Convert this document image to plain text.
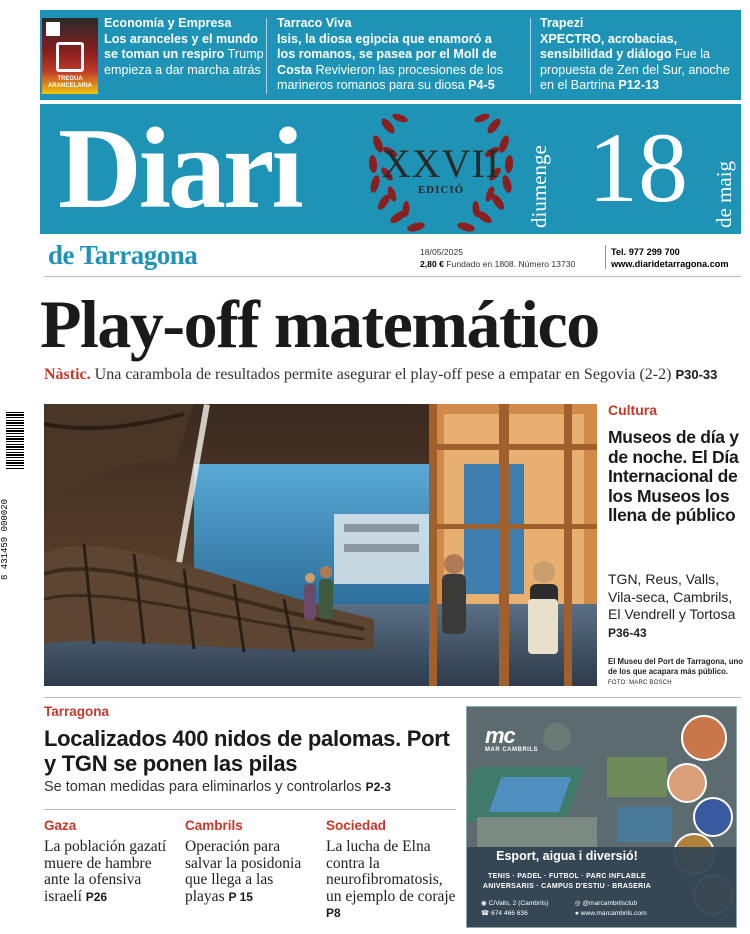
TREGUA ARANCELARIA
Economía y Empresa
Los aranceles y el mundo se toman un respiro Trump empieza a dar marcha atrás
Tarraco Viva
Isis, la diosa egipcia que enamoró a los romanos, se pasea por el Moll de Costa Revivieron las procesiones de los marineros romanos para su diosa P4-5
Trapezi
XPECTRO, acrobacias, sensibilidad y diálogo Fue la propuesta de Zen del Sur, anoche en el Bartrina P12-13
Diari XXVII
EDICIÓ	diumenge 18 de maig
de Tarragona	18/05/2025
2,80 € Fundado en 1808. Número 13730
Tel. 977 299 700
www.diaridetarragona.com
Play-off matemático
Nàstic. Una carambola de resultados permite asegurar el play-off pese a empatar en Segovia (2-2) P30-33
8 431459 000020
Cultura
Museos de día y de noche. El Día Internacional de los Museos los llena de público
TGN, Reus, Valls, Vila-seca, Cambrils, El Vendrell y Tortosa P36-43
El Museu del Port de Tarragona, uno de los que acapara más público. FOTO: MARC BOSCH
Tarragona
Localizados 400 nidos de palomas. Port y TGN se ponen las pilas
Se toman medidas para eliminarlos y controlarlos P2-3
Gaza
La población gazatí muere de hambre ante la ofensiva israelí P26
Cambrils
Operación para salvar la posidonia que llega a las playas P 15
Sociedad
La lucha de Elna contra la neurofibromatosis, un ejemplo de coraje P8
mc
MAR CAMBRILS
Esport, aigua i diversió!
TENIS · PADEL · FUTBOL · PARC INFLABLE
ANIVERSARIS · CAMPUS D'ESTIU · BRASERIA
◉ C/Valls, 2 (Cambrils)	◎ @marcambrilsclub
☎ 674 466 636	● www.marcambrils.com
